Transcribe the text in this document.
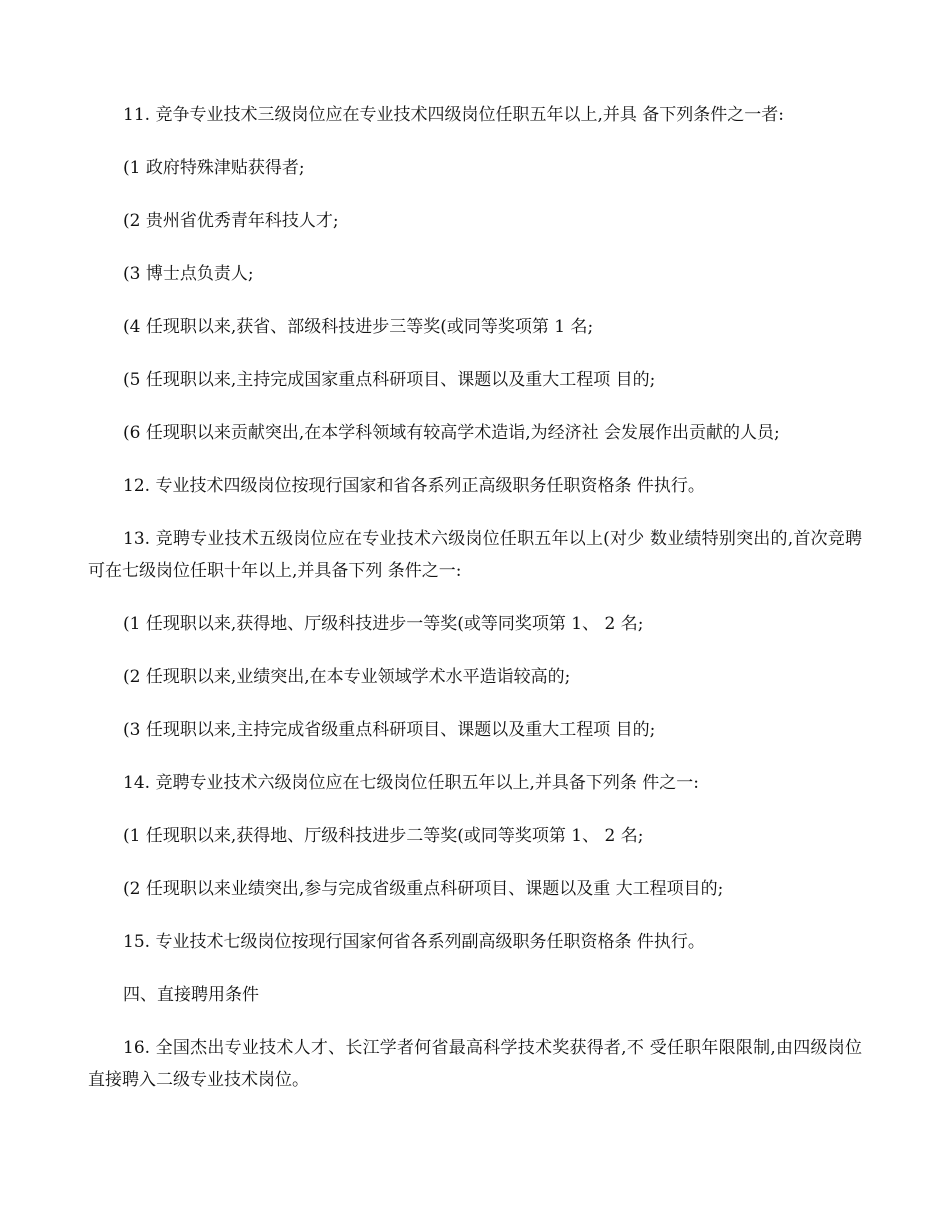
11. 竞争专业技术三级岗位应在专业技术四级岗位任职五年以上,并具 备下列条件之一者:

(1 政府特殊津贴获得者;

(2 贵州省优秀青年科技人才;

(3 博士点负责人;

(4 任现职以来,获省、部级科技进步三等奖(或同等奖项第 1 名;

(5 任现职以来,主持完成国家重点科研项目、课题以及重大工程项 目的;

(6 任现职以来贡献突出,在本学科领域有较高学术造诣,为经济社 会发展作出贡献的人员;

12. 专业技术四级岗位按现行国家和省各系列正高级职务任职资格条 件执行。

13. 竞聘专业技术五级岗位应在专业技术六级岗位任职五年以上(对少 数业绩特别突出的,首次竞聘可在七级岗位任职十年以上,并具备下列 条件之一:

(1 任现职以来,获得地、厅级科技进步一等奖(或等同奖项第 1、 2 名;

(2 任现职以来,业绩突出,在本专业领域学术水平造诣较高的;

(3 任现职以来,主持完成省级重点科研项目、课题以及重大工程项 目的;

14. 竞聘专业技术六级岗位应在七级岗位任职五年以上,并具备下列条 件之一:

(1 任现职以来,获得地、厅级科技进步二等奖(或同等奖项第 1、 2 名;

(2 任现职以来业绩突出,参与完成省级重点科研项目、课题以及重 大工程项目的;

15. 专业技术七级岗位按现行国家何省各系列副高级职务任职资格条 件执行。

四、直接聘用条件

16. 全国杰出专业技术人才、长江学者何省最高科学技术奖获得者,不 受任职年限限制,由四级岗位直接聘入二级专业技术岗位。
